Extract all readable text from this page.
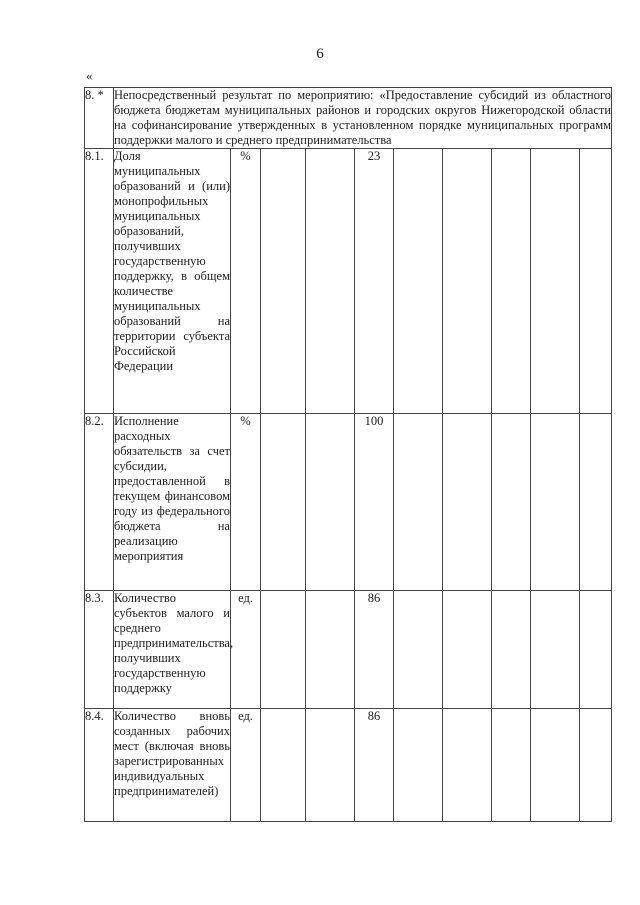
6
«
8. *	Непосредственный результат по мероприятию: «Предоставление субсидий из областного бюджета бюджетам муниципальных районов и городских округов Нижегородской области на софинансирование утвержденных в установленном порядке муниципальных программ поддержки малого и среднего предпринимательства									
8.1.	Доля муниципальных образований и (или) монопрофильных муниципальных образований, получивших государственную поддержку, в общем количестве муниципальных образований на территории субъекта Российской Федерации	%			23					
8.2.	Исполнение расходных обязательств за счет субсидии, предоставленной в текущем финансовом году из федерального бюджета на реализацию мероприятия	%			100					
8.3.	Количество субъектов малого и среднего предпринимательства, получивших государственную поддержку	ед.			86					
8.4.	Количество вновь созданных рабочих мест (включая вновь зарегистрированных индивидуальных предпринимателей)	ед.			86					
